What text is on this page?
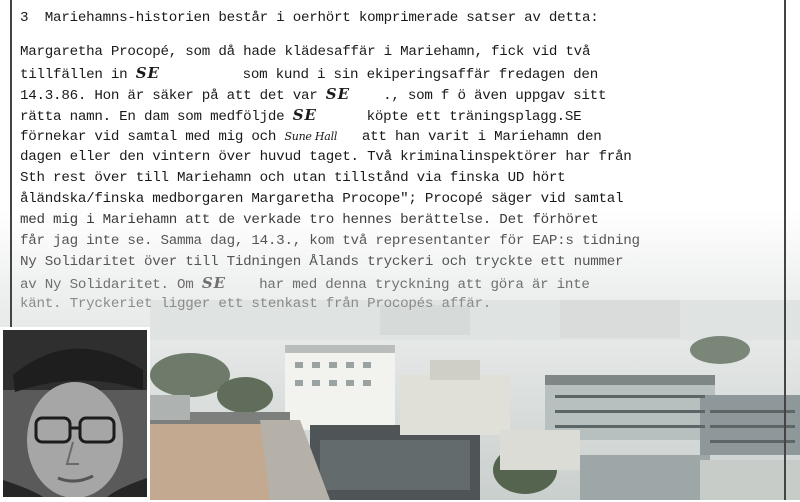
3  Mariehamns-historien består i oerhört komprimerade satser av detta:
Margaretha Procopé, som då hade klädesaffär i Mariehamn, fick vid två
tillfällen in SE          som kund i sin ekiperingsaffär fredagen den
14.3.86. Hon är säker på att det var SE    ., som f ö även uppgav sitt
rätta namn. En dam som medföljde SE      köpte ett träningsplagg.SE
förnekar vid samtal med mig och Sune Hall   att han varit i Mariehamn den
dagen eller den vintern över huvud taget. Två kriminalinspektörer har från
Sth rest över till Mariehamn och utan tillstånd via finska UD hört
åländska/finska medborgaren Margaretha Procope"; Procopé säger vid samtal
med mig i Mariehamn att de verkade tro hennes berättelse. Det förhöret
får jag inte se. Samma dag, 14.3., kom två representanter för EAP:s tidning
Ny Solidaritet över till Tidningen Ålands tryckeri och tryckte ett nummer
av Ny Solidaritet. Om SE    har med denna tryckning att göra är inte
känt. Tryckeriet ligger ett stenkast från Procopés affär.
